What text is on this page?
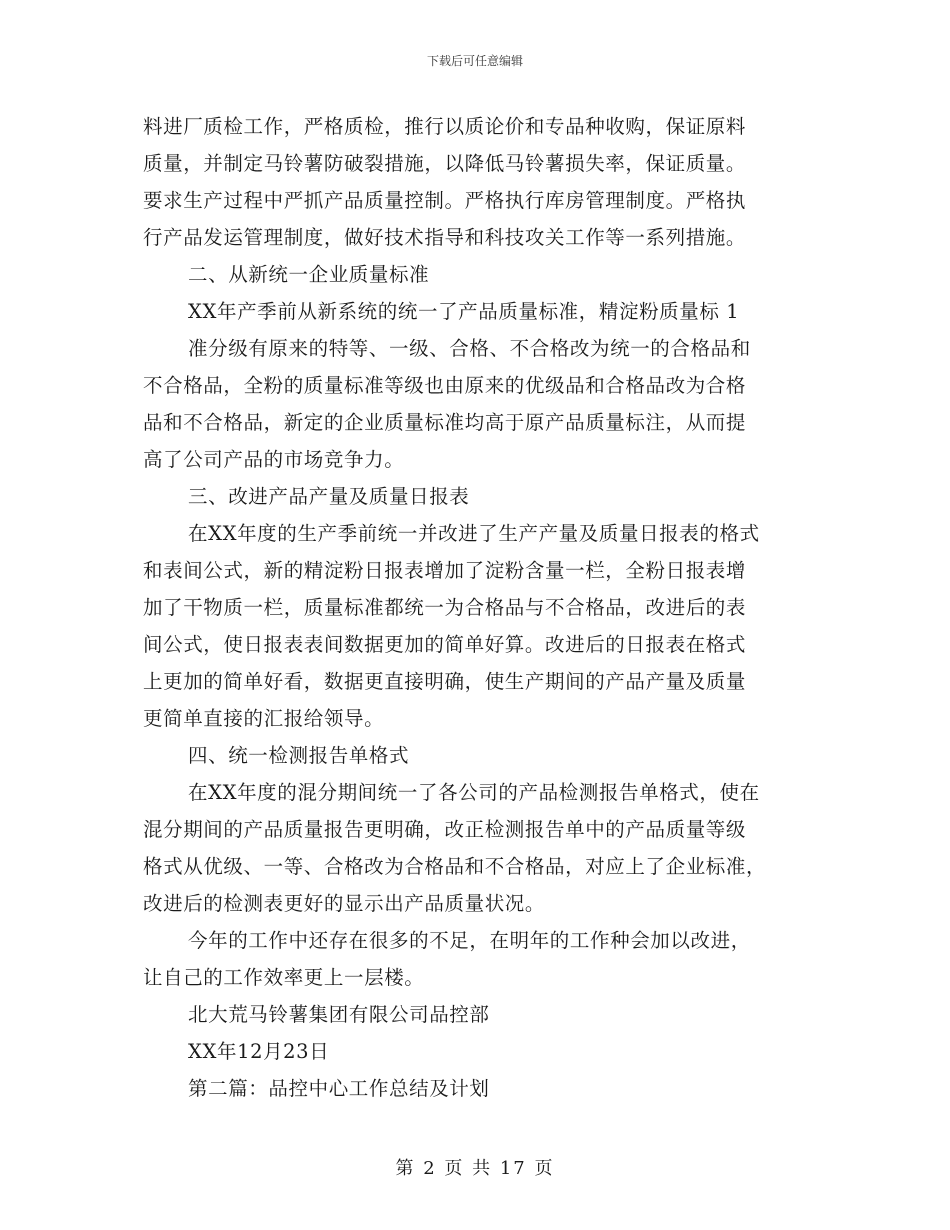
下载后可任意编辑
料进厂质检工作，严格质检，推行以质论价和专品种收购，保证原料
质量，并制定马铃薯防破裂措施，以降低马铃薯损失率，保证质量。
要求生产过程中严抓产品质量控制。严格执行库房管理制度。严格执
行产品发运管理制度，做好技术指导和科技攻关工作等一系列措施。
二、从新统一企业质量标准
XX年产季前从新系统的统一了产品质量标准，精淀粉质量标 1
准分级有原来的特等、一级、合格、不合格改为统一的合格品和
不合格品，全粉的质量标准等级也由原来的优级品和合格品改为合格
品和不合格品，新定的企业质量标准均高于原产品质量标注，从而提
高了公司产品的市场竞争力。
三、改进产品产量及质量日报表
在XX年度的生产季前统一并改进了生产产量及质量日报表的格式
和表间公式，新的精淀粉日报表增加了淀粉含量一栏，全粉日报表增
加了干物质一栏，质量标准都统一为合格品与不合格品，改进后的表
间公式，使日报表表间数据更加的简单好算。改进后的日报表在格式
上更加的简单好看，数据更直接明确，使生产期间的产品产量及质量
更简单直接的汇报给领导。
四、统一检测报告单格式
在XX年度的混分期间统一了各公司的产品检测报告单格式，使在
混分期间的产品质量报告更明确，改正检测报告单中的产品质量等级
格式从优级、一等、合格改为合格品和不合格品，对应上了企业标准，
改进后的检测表更好的显示出产品质量状况。
今年的工作中还存在很多的不足，在明年的工作种会加以改进，
让自己的工作效率更上一层楼。
北大荒马铃薯集团有限公司品控部
XX年12月23日
第二篇：品控中心工作总结及计划
第 2 页 共 17 页
